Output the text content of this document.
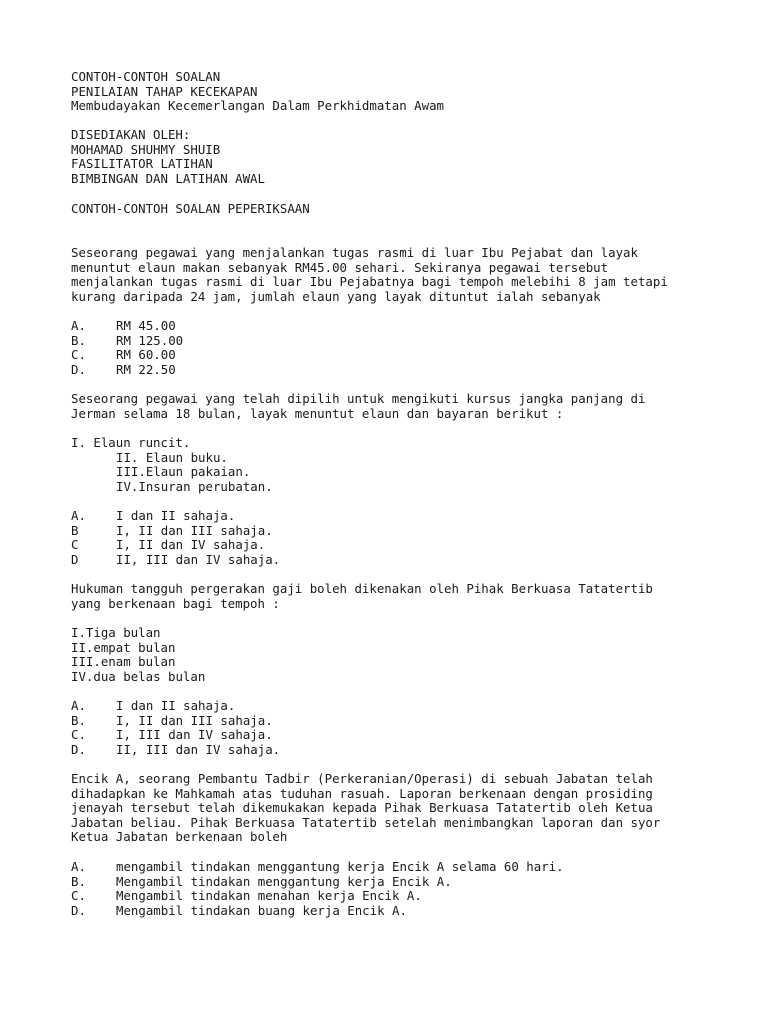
CONTOH-CONTOH SOALAN
PENILAIAN TAHAP KECEKAPAN
Membudayakan Kecemerlangan Dalam Perkhidmatan Awam
DISEDIAKAN OLEH:
MOHAMAD SHUHMY SHUIB
FASILITATOR LATIHAN
BIMBINGAN DAN LATIHAN AWAL
CONTOH-CONTOH SOALAN PEPERIKSAAN
Seseorang pegawai yang menjalankan tugas rasmi di luar Ibu Pejabat dan layak
menuntut elaun makan sebanyak RM45.00 sehari. Sekiranya pegawai tersebut
menjalankan tugas rasmi di luar Ibu Pejabatnya bagi tempoh melebihi 8 jam tetapi
kurang daripada 24 jam, jumlah elaun yang layak dituntut ialah sebanyak
A. RM 45.00
B. RM 125.00
C. RM 60.00
D. RM 22.50
Seseorang pegawai yang telah dipilih untuk mengikuti kursus jangka panjang di
Jerman selama 18 bulan, layak menuntut elaun dan bayaran berikut :
I. Elaun runcit.
II. Elaun buku.
III.Elaun pakaian.
IV.Insuran perubatan.
A. I dan II sahaja.
B	I, II dan III sahaja.
C	I, II dan IV sahaja.
D	II, III dan IV sahaja.
Hukuman tangguh pergerakan gaji boleh dikenakan oleh Pihak Berkuasa Tatatertib
yang berkenaan bagi tempoh :
I.Tiga bulan
II.empat bulan
III.enam bulan
IV.dua belas bulan
A. I dan II sahaja.
B. I, II dan III sahaja.
C. I, III dan IV sahaja.
D. II, III dan IV sahaja.
Encik A, seorang Pembantu Tadbir (Perkeranian/Operasi) di sebuah Jabatan telah
dihadapkan ke Mahkamah atas tuduhan rasuah. Laporan berkenaan dengan prosiding
jenayah tersebut telah dikemukakan kepada Pihak Berkuasa Tatatertib oleh Ketua
Jabatan beliau. Pihak Berkuasa Tatatertib setelah menimbangkan laporan dan syor
Ketua Jabatan berkenaan boleh
A. mengambil tindakan menggantung kerja Encik A selama 60 hari.
B. Mengambil tindakan menggantung kerja Encik A.
C. Mengambil tindakan menahan kerja Encik A.
D. Mengambil tindakan buang kerja Encik A.
